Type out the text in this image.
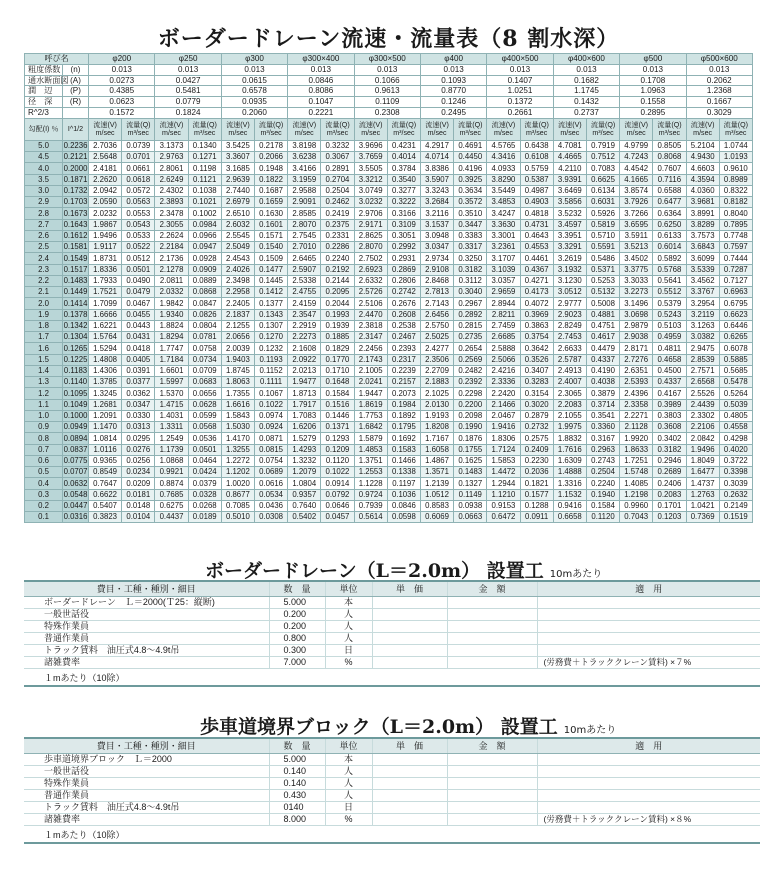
ボーダードレーン流速・流量表（8 割水深）
呼び名		φ200		φ250		φ300		φ300×400		φ300×500		φ400		φ400×500		φ400×600		φ500		φ500×600	
粗度係数	(n)	0.013		0.013		0.013		0.013		0.013		0.013		0.013		0.013		0.013		0.013	
通水断面図	(A)	0.0273		0.0427		0.0615		0.0846		0.1066		0.1093		0.1407		0.1682		0.1708		0.2062	
潤　辺	(P)	0.4385		0.5481		0.6578		0.8086		0.9613		0.8770		1.0251		1.1745		1.0963		1.2368	
径　深	(R)	0.0623		0.0779		0.0935		0.1047		0.1109		0.1246		0.1372		0.1432		0.1558		0.1667	
R^2/3		0.1572		0.1824		0.2060		0.2221		0.2308		0.2495		0.2661		0.2737		0.2895		0.3029	
勾配(I) ％	I^1/2	流速(V) m/sec	流量(Q) m³/sec	流速(V) m/sec	流量(Q) m³/sec	流速(V) m/sec	流量(Q) m³/sec	流速(V) m/sec	流量(Q) m³/sec	流速(V) m/sec	流量(Q) m³/sec	流速(V) m/sec	流量(Q) m³/sec	流速(V) m/sec	流量(Q) m³/sec	流速(V) m/sec	流量(Q) m³/sec	流速(V) m/sec	流量(Q) m³/sec	流速(V) m/sec	流量(Q) m³/sec
5.0	0.2236	2.7036	0.0739	3.1373	0.1340	3.5425	0.2178	3.8198	0.3232	3.9696	0.4231	4.2917	0.4691	4.5765	0.6438	4.7081	0.7919	4.9799	0.8505	5.2104	1.0744
4.5	0.2121	2.5648	0.0701	2.9763	0.1271	3.3607	0.2066	3.6238	0.3067	3.7659	0.4014	4.0714	0.4450	4.3416	0.6108	4.4665	0.7512	4.7243	0.8068	4.9430	1.0193
4.0	0.2000	2.4181	0.0661	2.8061	0.1198	3.1685	0.1948	3.4166	0.2891	3.5505	0.3784	3.8386	0.4196	4.0933	0.5759	4.2110	0.7083	4.4542	0.7607	4.6603	0.9610
3.5	0.1871	2.2620	0.0618	2.6249	0.1121	2.9639	0.1822	3.1959	0.2704	3.3212	0.3540	3.5907	0.3925	3.8290	0.5387	3.9391	0.6625	4.1665	0.7116	4.3594	0.8989
3.0	0.1732	2.0942	0.0572	2.4302	0.1038	2.7440	0.1687	2.9588	0.2504	3.0749	0.3277	3.3243	0.3634	3.5449	0.4987	3.6469	0.6134	3.8574	0.6588	4.0360	0.8322
2.9	0.1703	2.0590	0.0563	2.3893	0.1021	2.6979	0.1659	2.9091	0.2462	3.0232	0.3222	3.2684	0.3572	3.4853	0.4903	3.5856	0.6031	3.7926	0.6477	3.9681	0.8182
2.8	0.1673	2.0232	0.0553	2.3478	0.1002	2.6510	0.1630	2.8585	0.2419	2.9706	0.3166	3.2116	0.3510	3.4247	0.4818	3.5232	0.5926	3.7266	0.6364	3.8991	0.8040
2.7	0.1643	1.9867	0.0543	2.3055	0.0984	2.6032	0.1601	2.8070	0.2375	2.9171	0.3109	3.1537	0.3447	3.3630	0.4731	3.4597	0.5819	3.6595	0.6250	3.8289	0.7895
2.6	0.1612	1.9496	0.0533	2.2624	0.0966	2.5545	0.1571	2.7545	0.2331	2.8625	0.3051	3.0948	0.3383	3.3001	0.4643	3.3951	0.5710	3.5911	0.6133	3.7573	0.7748
2.5	0.1581	1.9117	0.0522	2.2184	0.0947	2.5049	0.1540	2.7010	0.2286	2.8070	0.2992	3.0347	0.3317	3.2361	0.4553	3.3291	0.5591	3.5213	0.6014	3.6843	0.7597
2.4	0.1549	1.8731	0.0512	2.1736	0.0928	2.4543	0.1509	2.6465	0.2240	2.7502	0.2931	2.9734	0.3250	3.1707	0.4461	3.2619	0.5486	3.4502	0.5892	3.6099	0.7444
2.3	0.1517	1.8336	0.0501	2.1278	0.0909	2.4026	0.1477	2.5907	0.2192	2.6923	0.2869	2.9108	0.3182	3.1039	0.4367	3.1932	0.5371	3.3775	0.5768	3.5339	0.7287
2.2	0.1483	1.7933	0.0490	2.0811	0.0889	2.3498	0.1445	2.5338	0.2144	2.6332	0.2806	2.8468	0.3112	3.0357	0.4271	3.1230	0.5253	3.3033	0.5641	3.4562	0.7127
2.1	0.1449	1.7521	0.0479	2.0332	0.0868	2.2958	0.1412	2.4755	0.2095	2.5726	0.2742	2.7813	0.3040	2.9659	0.4173	3.0512	0.5132	3.2273	0.5512	3.3767	0.6963
2.0	0.1414	1.7099	0.0467	1.9842	0.0847	2.2405	0.1377	2.4159	0.2044	2.5106	0.2676	2.7143	0.2967	2.8944	0.4072	2.9777	0.5008	3.1496	0.5379	3.2954	0.6795
1.9	0.1378	1.6666	0.0455	1.9340	0.0826	2.1837	0.1343	2.3547	0.1993	2.4470	0.2608	2.6456	0.2892	2.8211	0.3969	2.9023	0.4881	3.0698	0.5243	3.2119	0.6623
1.8	0.1342	1.6221	0.0443	1.8824	0.0804	2.1255	0.1307	2.2919	0.1939	2.3818	0.2538	2.5750	0.2815	2.7459	0.3863	2.8249	0.4751	2.9879	0.5103	3.1263	0.6446
1.7	0.1304	1.5764	0.0431	1.8294	0.0781	2.0656	0.1270	2.2273	0.1885	2.3147	0.2467	2.5025	0.2735	2.6685	0.3754	2.7453	0.4617	2.9038	0.4959	3.0382	0.6265
1.6	0.1265	1.5294	0.0418	1.7747	0.0758	2.0039	0.1232	2.1608	0.1829	2.2456	0.2393	2.4277	0.2654	2.5888	0.3642	2.6633	0.4479	2.8171	0.4811	2.9475	0.6078
1.5	0.1225	1.4808	0.0405	1.7184	0.0734	1.9403	0.1193	2.0922	0.1770	2.1743	0.2317	2.3506	0.2569	2.5066	0.3526	2.5787	0.4337	2.7276	0.4658	2.8539	0.5885
1.4	0.1183	1.4306	0.0391	1.6601	0.0709	1.8745	0.1152	2.0213	0.1710	2.1005	0.2239	2.2709	0.2482	2.4216	0.3407	2.4913	0.4190	2.6351	0.4500	2.7571	0.5685
1.3	0.1140	1.3785	0.0377	1.5997	0.0683	1.8063	0.1111	1.9477	0.1648	2.0241	0.2157	2.1883	0.2392	2.3336	0.3283	2.4007	0.4038	2.5393	0.4337	2.6568	0.5478
1.2	0.1095	1.3245	0.0362	1.5370	0.0656	1.7355	0.1067	1.8713	0.1584	1.9447	0.2073	2.1025	0.2298	2.2420	0.3154	2.3065	0.3879	2.4396	0.4167	2.5526	0.5264
1.1	0.1049	1.2681	0.0347	1.4715	0.0628	1.6616	0.1022	1.7917	0.1516	1.8619	0.1984	2.0130	0.2200	2.1466	0.3020	2.2083	0.3714	2.3358	0.3989	2.4439	0.5039
1.0	0.1000	1.2091	0.0330	1.4031	0.0599	1.5843	0.0974	1.7083	0.1446	1.7753	0.1892	1.9193	0.2098	2.0467	0.2879	2.1055	0.3541	2.2271	0.3803	2.3302	0.4805
0.9	0.0949	1.1470	0.0313	1.3311	0.0568	1.5030	0.0924	1.6206	0.1371	1.6842	0.1795	1.8208	0.1990	1.9416	0.2732	1.9975	0.3360	2.1128	0.3608	2.2106	0.4558
0.8	0.0894	1.0814	0.0295	1.2549	0.0536	1.4170	0.0871	1.5279	0.1293	1.5879	0.1692	1.7167	0.1876	1.8306	0.2575	1.8832	0.3167	1.9920	0.3402	2.0842	0.4298
0.7	0.0837	1.0116	0.0276	1.1739	0.0501	1.3255	0.0815	1.4293	0.1209	1.4853	0.1583	1.6058	0.1755	1.7124	0.2409	1.7616	0.2963	1.8633	0.3182	1.9496	0.4020
0.6	0.0775	0.9365	0.0256	1.0868	0.0464	1.2272	0.0754	1.3232	0.1120	1.3751	0.1466	1.4867	0.1625	1.5853	0.2230	1.6309	0.2743	1.7251	0.2946	1.8049	0.3722
0.5	0.0707	0.8549	0.0234	0.9921	0.0424	1.1202	0.0689	1.2079	0.1022	1.2553	0.1338	1.3571	0.1483	1.4472	0.2036	1.4888	0.2504	1.5748	0.2689	1.6477	0.3398
0.4	0.0632	0.7647	0.0209	0.8874	0.0379	1.0020	0.0616	1.0804	0.0914	1.1228	0.1197	1.2139	0.1327	1.2944	0.1821	1.3316	0.2240	1.4085	0.2406	1.4737	0.3039
0.3	0.0548	0.6622	0.0181	0.7685	0.0328	0.8677	0.0534	0.9357	0.0792	0.9724	0.1036	1.0512	0.1149	1.1210	0.1577	1.1532	0.1940	1.2198	0.2083	1.2763	0.2632
0.2	0.0447	0.5407	0.0148	0.6275	0.0268	0.7085	0.0436	0.7640	0.0646	0.7939	0.0846	0.8583	0.0938	0.9153	0.1288	0.9416	0.1584	0.9960	0.1701	1.0421	0.2149
0.1	0.0316	0.3823	0.0104	0.4437	0.0189	0.5010	0.0308	0.5402	0.0457	0.5614	0.0598	0.6069	0.0663	0.6472	0.0911	0.6658	0.1120	0.7043	0.1203	0.7369	0.1519
ボーダードレーン（L＝2.0m） 設置工 10mあたり
費目・工種・種別・細目	数　量	単位	単　価	金　額	適　用
ボーダードレーン　Ｌ＝2000(Ｔ25：縦断)	5.000	本			
一般世話役	0.200	人			
特殊作業員	0.200	人			
普通作業員	0.800	人			
トラック賃料　油圧式4.8～4.9t吊	0.300	日			
諸雑費率	7.000	%			(労務費＋トラッククレーン賃料) ×７%
１mあたり（10除）
歩車道境界ブロック（L＝2.0m） 設置工 10mあたり
費目・工種・種別・細目	数　量	単位	単　価	金　額	適　用
歩車道境界ブロック　Ｌ＝2000	5.000	本			
一般世話役	0.140	人			
特殊作業員	0.140	人			
普通作業員	0.430	人			
トラック賃料　油圧式4.8～4.9t吊	0140	日			
諸雑費率	8.000	%			(労務費＋トラッククレーン賃料) ×８%
１mあたり（10除）
